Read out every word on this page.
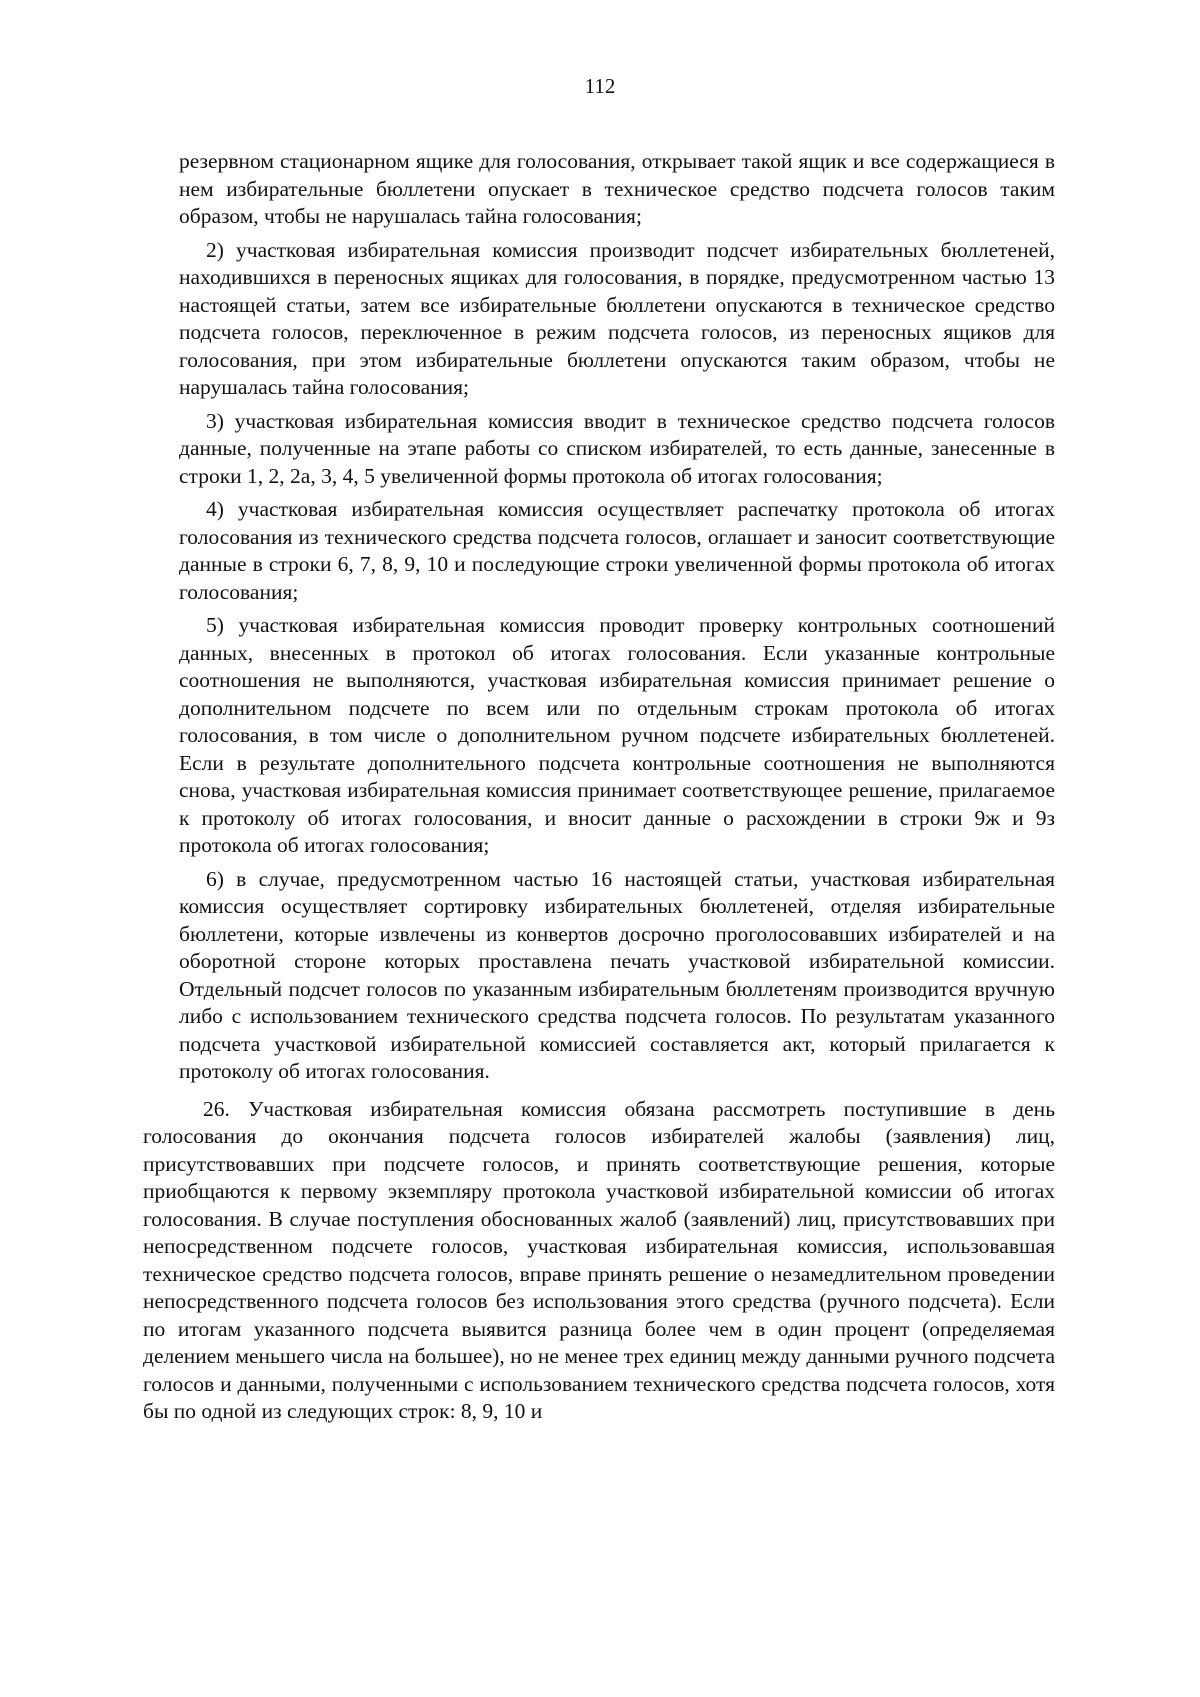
112

резервном стационарном ящике для голосования, открывает такой ящик и все содержащиеся в нем избирательные бюллетени опускает в техническое средство подсчета голосов таким образом, чтобы не нарушалась тайна голосования;

2) участковая избирательная комиссия производит подсчет избирательных бюллетеней, находившихся в переносных ящиках для голосования, в порядке, предусмотренном частью 13 настоящей статьи, затем все избирательные бюллетени опускаются в техническое средство подсчета голосов, переключенное в режим подсчета голосов, из переносных ящиков для голосования, при этом избирательные бюллетени опускаются таким образом, чтобы не нарушалась тайна голосования;

3) участковая избирательная комиссия вводит в техническое средство подсчета голосов данные, полученные на этапе работы со списком избирателей, то есть данные, занесенные в строки 1, 2, 2а, 3, 4, 5 увеличенной формы протокола об итогах голосования;

4) участковая избирательная комиссия осуществляет распечатку протокола об итогах голосования из технического средства подсчета голосов, оглашает и заносит соответствующие данные в строки 6, 7, 8, 9, 10 и последующие строки увеличенной формы протокола об итогах голосования;

5) участковая избирательная комиссия проводит проверку контрольных соотношений данных, внесенных в протокол об итогах голосования. Если указанные контрольные соотношения не выполняются, участковая избирательная комиссия принимает решение о дополнительном подсчете по всем или по отдельным строкам протокола об итогах голосования, в том числе о дополнительном ручном подсчете избирательных бюллетеней. Если в результате дополнительного подсчета контрольные соотношения не выполняются снова, участковая избирательная комиссия принимает соответствующее решение, прилагаемое к протоколу об итогах голосования, и вносит данные о расхождении в строки 9ж и 9з протокола об итогах голосования;

6) в случае, предусмотренном частью 16 настоящей статьи, участковая избирательная комиссия осуществляет сортировку избирательных бюллетеней, отделяя избирательные бюллетени, которые извлечены из конвертов досрочно проголосовавших избирателей и на оборотной стороне которых проставлена печать участковой избирательной комиссии. Отдельный подсчет голосов по указанным избирательным бюллетеням производится вручную либо с использованием технического средства подсчета голосов. По результатам указанного подсчета участковой избирательной комиссией составляется акт, который прилагается к протоколу об итогах голосования.

26. Участковая избирательная комиссия обязана рассмотреть поступившие в день голосования до окончания подсчета голосов избирателей жалобы (заявления) лиц, присутствовавших при подсчете голосов, и принять соответствующие решения, которые приобщаются к первому экземпляру протокола участковой избирательной комиссии об итогах голосования. В случае поступления обоснованных жалоб (заявлений) лиц, присутствовавших при непосредственном подсчете голосов, участковая избирательная комиссия, использовавшая техническое средство подсчета голосов, вправе принять решение о незамедлительном проведении непосредственного подсчета голосов без использования этого средства (ручного подсчета). Если по итогам указанного подсчета выявится разница более чем в один процент (определяемая делением меньшего числа на большее), но не менее трех единиц между данными ручного подсчета голосов и данными, полученными с использованием технического средства подсчета голосов, хотя бы по одной из следующих строк: 8, 9, 10 и
